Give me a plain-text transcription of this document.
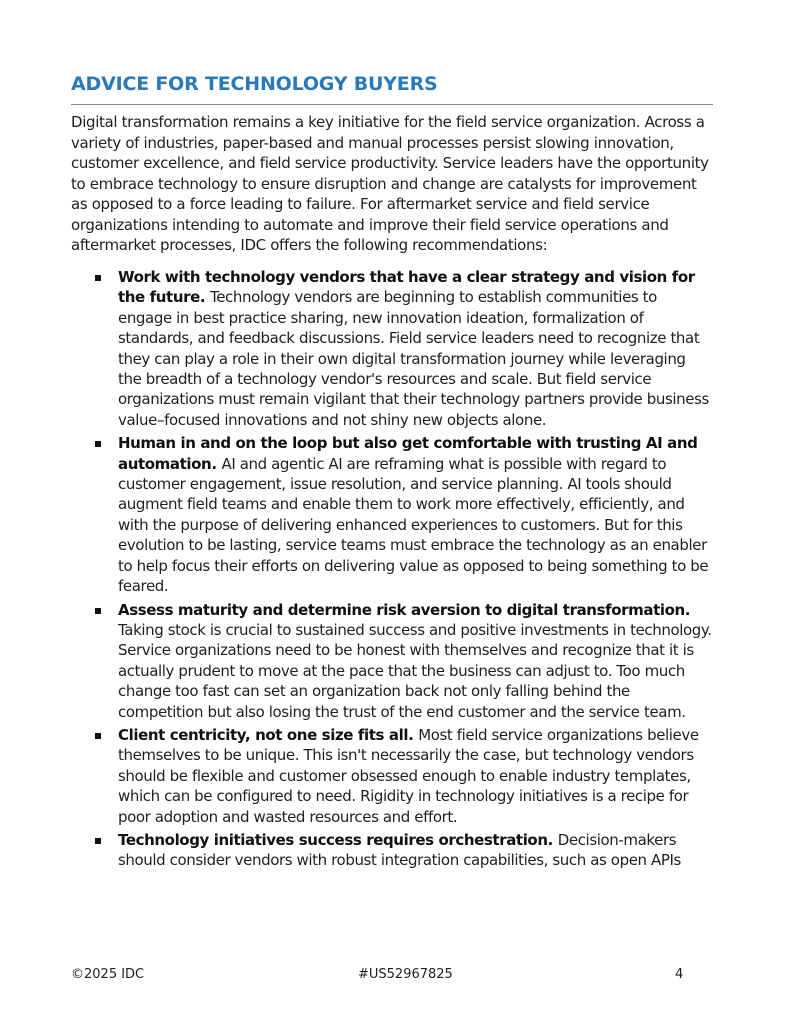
ADVICE FOR TECHNOLOGY BUYERS

Digital transformation remains a key initiative for the field service organization. Across a variety of industries, paper-based and manual processes persist slowing innovation, customer excellence, and field service productivity. Service leaders have the opportunity to embrace technology to ensure disruption and change are catalysts for improvement as opposed to a force leading to failure. For aftermarket service and field service organizations intending to automate and improve their field service operations and aftermarket processes, IDC offers the following recommendations:

Work with technology vendors that have a clear strategy and vision for the future. Technology vendors are beginning to establish communities to engage in best practice sharing, new innovation ideation, formalization of standards, and feedback discussions. Field service leaders need to recognize that they can play a role in their own digital transformation journey while leveraging the breadth of a technology vendor's resources and scale. But field service organizations must remain vigilant that their technology partners provide business value–focused innovations and not shiny new objects alone.
Human in and on the loop but also get comfortable with trusting AI and automation. AI and agentic AI are reframing what is possible with regard to customer engagement, issue resolution, and service planning. AI tools should augment field teams and enable them to work more effectively, efficiently, and with the purpose of delivering enhanced experiences to customers. But for this evolution to be lasting, service teams must embrace the technology as an enabler to help focus their efforts on delivering value as opposed to being something to be feared.
Assess maturity and determine risk aversion to digital transformation. Taking stock is crucial to sustained success and positive investments in technology. Service organizations need to be honest with themselves and recognize that it is actually prudent to move at the pace that the business can adjust to. Too much change too fast can set an organization back not only falling behind the competition but also losing the trust of the end customer and the service team.
Client centricity, not one size fits all. Most field service organizations believe themselves to be unique. This isn't necessarily the case, but technology vendors should be flexible and customer obsessed enough to enable industry templates, which can be configured to need. Rigidity in technology initiatives is a recipe for poor adoption and wasted resources and effort.
Technology initiatives success requires orchestration. Decision-makers should consider vendors with robust integration capabilities, such as open APIs
©2025 IDC	#US52967825	4
